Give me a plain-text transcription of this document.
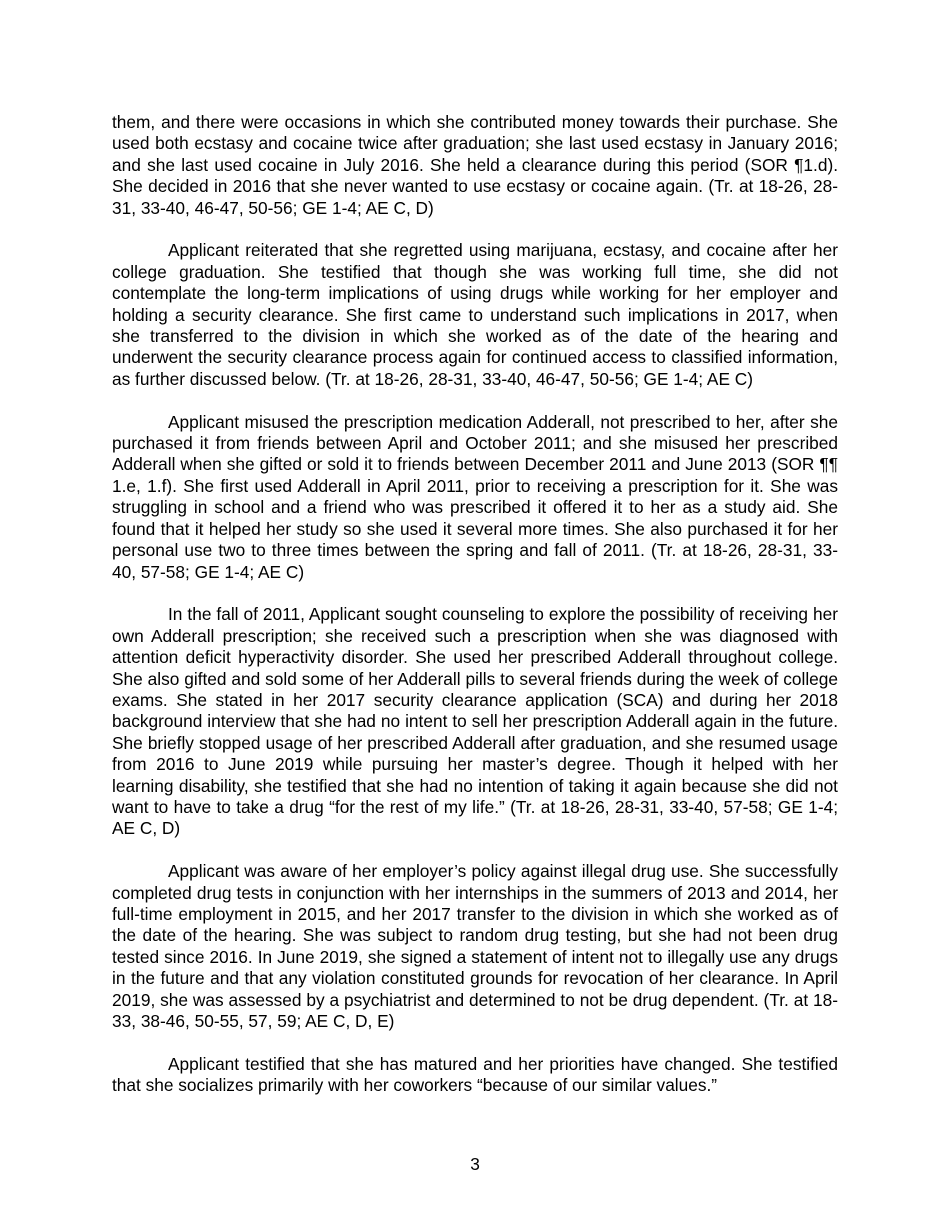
them, and there were occasions in which she contributed money towards their purchase. She used both ecstasy and cocaine twice after graduation; she last used ecstasy in January 2016; and she last used cocaine in July 2016. She held a clearance during this period (SOR ¶1.d). She decided in 2016 that she never wanted to use ecstasy or cocaine again. (Tr. at 18-26, 28-31, 33-40, 46-47, 50-56; GE 1-4; AE C, D)

Applicant reiterated that she regretted using marijuana, ecstasy, and cocaine after her college graduation. She testified that though she was working full time, she did not contemplate the long-term implications of using drugs while working for her employer and holding a security clearance. She first came to understand such implications in 2017, when she transferred to the division in which she worked as of the date of the hearing and underwent the security clearance process again for continued access to classified information, as further discussed below. (Tr. at 18-26, 28-31, 33-40, 46-47, 50-56; GE 1-4; AE C)

Applicant misused the prescription medication Adderall, not prescribed to her, after she purchased it from friends between April and October 2011; and she misused her prescribed Adderall when she gifted or sold it to friends between December 2011 and June 2013 (SOR ¶¶ 1.e, 1.f). She first used Adderall in April 2011, prior to receiving a prescription for it. She was struggling in school and a friend who was prescribed it offered it to her as a study aid. She found that it helped her study so she used it several more times. She also purchased it for her personal use two to three times between the spring and fall of 2011. (Tr. at 18-26, 28-31, 33-40, 57-58; GE 1-4; AE C)

In the fall of 2011, Applicant sought counseling to explore the possibility of receiving her own Adderall prescription; she received such a prescription when she was diagnosed with attention deficit hyperactivity disorder. She used her prescribed Adderall throughout college. She also gifted and sold some of her Adderall pills to several friends during the week of college exams. She stated in her 2017 security clearance application (SCA) and during her 2018 background interview that she had no intent to sell her prescription Adderall again in the future. She briefly stopped usage of her prescribed Adderall after graduation, and she resumed usage from 2016 to June 2019 while pursuing her master’s degree. Though it helped with her learning disability, she testified that she had no intention of taking it again because she did not want to have to take a drug “for the rest of my life.” (Tr. at 18-26, 28-31, 33-40, 57-58; GE 1-4; AE C, D)

Applicant was aware of her employer’s policy against illegal drug use. She successfully completed drug tests in conjunction with her internships in the summers of 2013 and 2014, her full-time employment in 2015, and her 2017 transfer to the division in which she worked as of the date of the hearing. She was subject to random drug testing, but she had not been drug tested since 2016. In June 2019, she signed a statement of intent not to illegally use any drugs in the future and that any violation constituted grounds for revocation of her clearance. In April 2019, she was assessed by a psychiatrist and determined to not be drug dependent. (Tr. at 18-33, 38-46, 50-55, 57, 59; AE C, D, E)

Applicant testified that she has matured and her priorities have changed. She testified that she socializes primarily with her coworkers “because of our similar values.”

3
